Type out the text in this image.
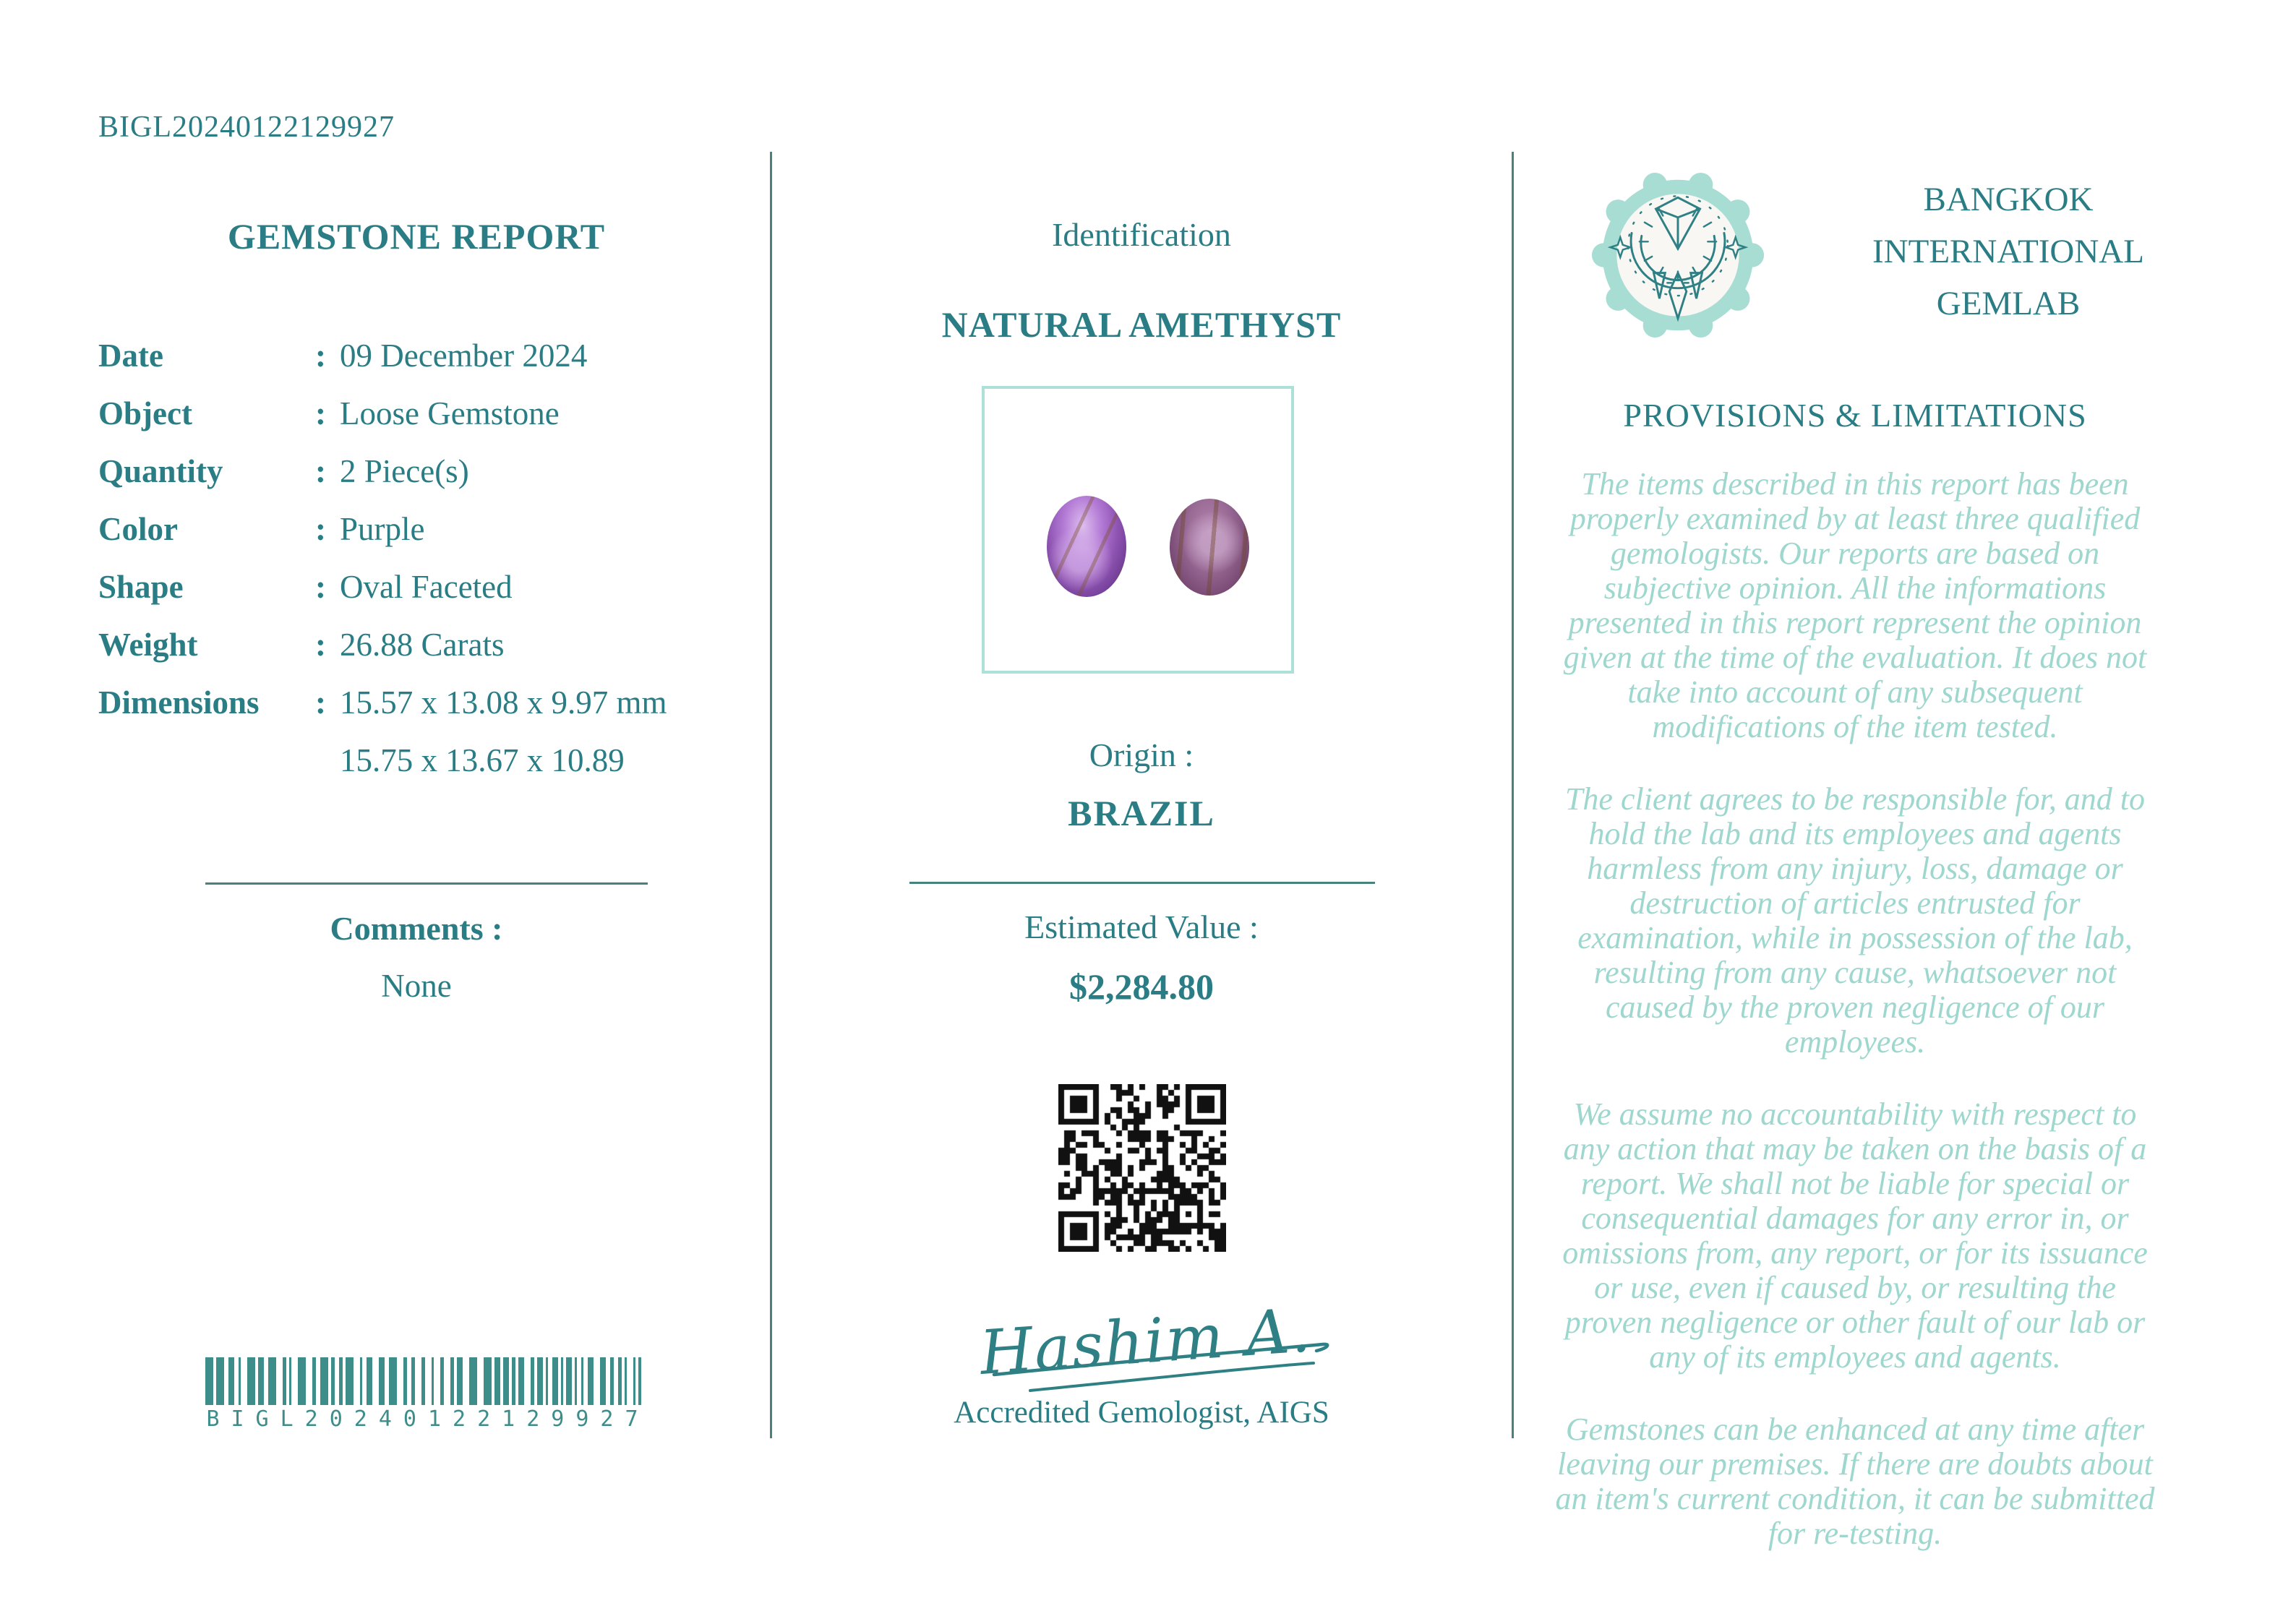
BIGL20240122129927
GEMSTONE REPORT
Date	: 09 December 2024
Object	: Loose Gemstone
Quantity	: 2 Piece(s)
Color	: Purple
Shape	: Oval Faceted
Weight	: 26.88 Carats
Dimensions	: 15.57 x 13.08 x 9.97 mm
15.75 x 13.67 x 10.89
Comments :
None
BIGL20240122129927
Identification
NATURAL AMETHYST
Origin :
BRAZIL
Estimated Value :
$2,284.80
Hashim A.
Accredited Gemologist, AIGS
BANGKOK
INTERNATIONAL
GEMLAB
PROVISIONS & LIMITATIONS

The items described in this report has been properly examined by at least three qualified gemologists. Our reports are based on subjective opinion. All the informations presented in this report represent the opinion given at the time of the evaluation. It does not take into account of any subsequent modifications of the item tested.

The client agrees to be responsible for, and to hold the lab and its employees and agents harmless from any injury, loss, damage or destruction of articles entrusted for examination, while in possession of the lab, resulting from any cause, whatsoever not caused by the proven negligence of our employees.

We assume no accountability with respect to any action that may be taken on the basis of a report. We shall not be liable for special or consequential damages for any error in, or omissions from, any report, or for its issuance or use, even if caused by, or resulting the proven negligence or other fault of our lab or any of its employees and agents.

Gemstones can be enhanced at any time after leaving our premises. If there are doubts about an item's current condition, it can be submitted for re-testing.
